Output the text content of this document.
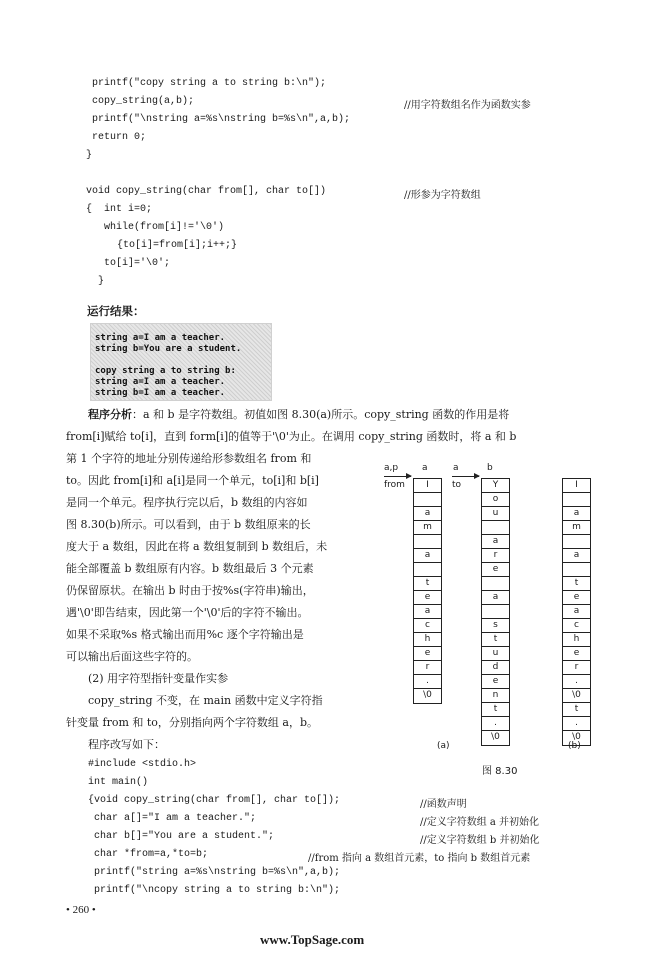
printf("copy string a to string b:\n");
copy_string(a,b);
printf("\nstring a=%s\nstring b=%s\n",a,b);
return 0;
}
void copy_string(char from[], char to[])
{  int i=0;
while(from[i]!='\0')
{to[i]=from[i];i++;}
to[i]='\0';
}
//用字符数组名作为函数实参
//形参为字符数组
运行结果：
string a=I am a teacher.
string b=You are a student.
copy string a to string b:
string a=I am a teacher.
string b=I am a teacher.
程序分析：a 和 b 是字符数组。初值如图 8.30(a)所示。copy_string 函数的作用是将
from[i]赋给 to[i]，直到 form[i]的值等于'\0'为止。在调用 copy_string 函数时，将 a 和 b
第 1 个字符的地址分别传递给形参数组名 from 和
to。因此 from[i]和 a[i]是同一个单元，to[i]和 b[i]
是同一个单元。程序执行完以后，b 数组的内容如
图 8.30(b)所示。可以看到，由于 b 数组原来的长
度大于 a 数组，因此在将 a 数组复制到 b 数组后，未
能全部覆盖 b 数组原有内容。b 数组最后 3 个元素
仍保留原状。在输出 b 时由于按%s(字符串)输出，
遇'\0'即告结束，因此第一个'\0'后的字符不输出。
如果不采取%s 格式输出而用%c 逐个字符输出是
可以输出后面这些字符的。
(2) 用字符型指针变量作实参
copy_string 不变，在 main 函数中定义字符指
针变量 from 和 to，分别指向两个字符数组 a，b。
程序改写如下：
a,p	a
from	I
a
m
a
t
e
a
c
h
e
r
.
\0
a	b
to	Y
o
u
a
r
e
a
s
t
u
d
e
n
t
.
\0
I
a
m
a
t
e
a
c
h
e
r
.
\0
t
.
\0
(a)	(b)
图 8.30
#include <stdio.h>
int main()
{void copy_string(char from[], char to[]);
char a[]="I am a teacher.";
char b[]="You are a student.";
char *from=a,*to=b;
printf("string a=%s\nstring b=%s\n",a,b);
printf("\ncopy string a to string b:\n");
//函数声明
//定义字符数组 a 并初始化
//定义字符数组 b 并初始化
//from 指向 a 数组首元素，to 指向 b 数组首元素
• 260 •
www.TopSage.com
